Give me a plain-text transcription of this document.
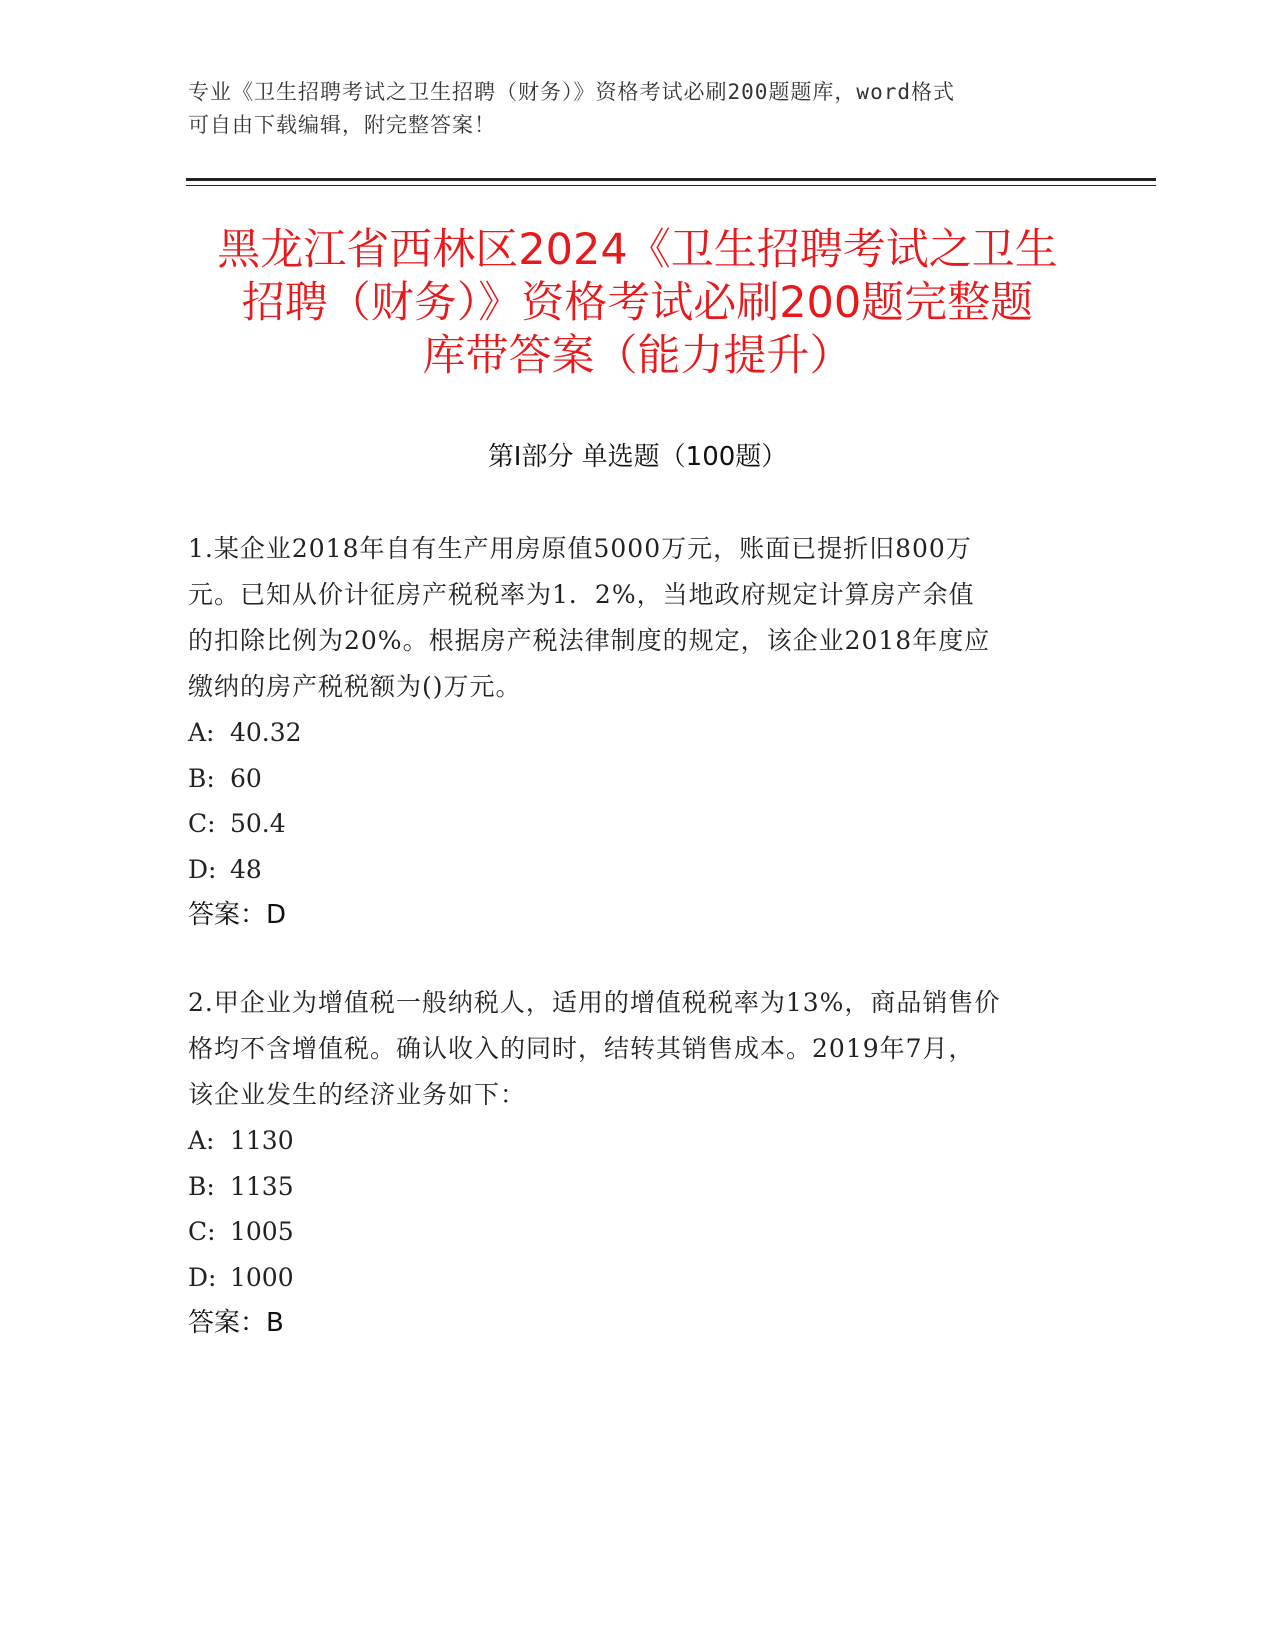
专业《卫生招聘考试之卫生招聘（财务）》资格考试必刷200题题库，word格式
可自由下载编辑，附完整答案！
黑龙江省西林区2024《卫生招聘考试之卫生
招聘（财务）》资格考试必刷200题完整题
库带答案（能力提升）
第Ⅰ部分 单选题（100题）
1.某企业2018年自有生产用房原值5000万元，账面已提折旧800万
元。已知从价计征房产税税率为1．2%，当地政府规定计算房产余值
的扣除比例为20%。根据房产税法律制度的规定，该企业2018年度应
缴纳的房产税税额为()万元。
A: 40.32
B: 60
C: 50.4
D: 48
答案：D
2.甲企业为增值税一般纳税人，适用的增值税税率为13%，商品销售价
格均不含增值税。确认收入的同时，结转其销售成本。2019年7月，
该企业发生的经济业务如下：
A: 1130
B: 1135
C: 1005
D: 1000
答案：B
